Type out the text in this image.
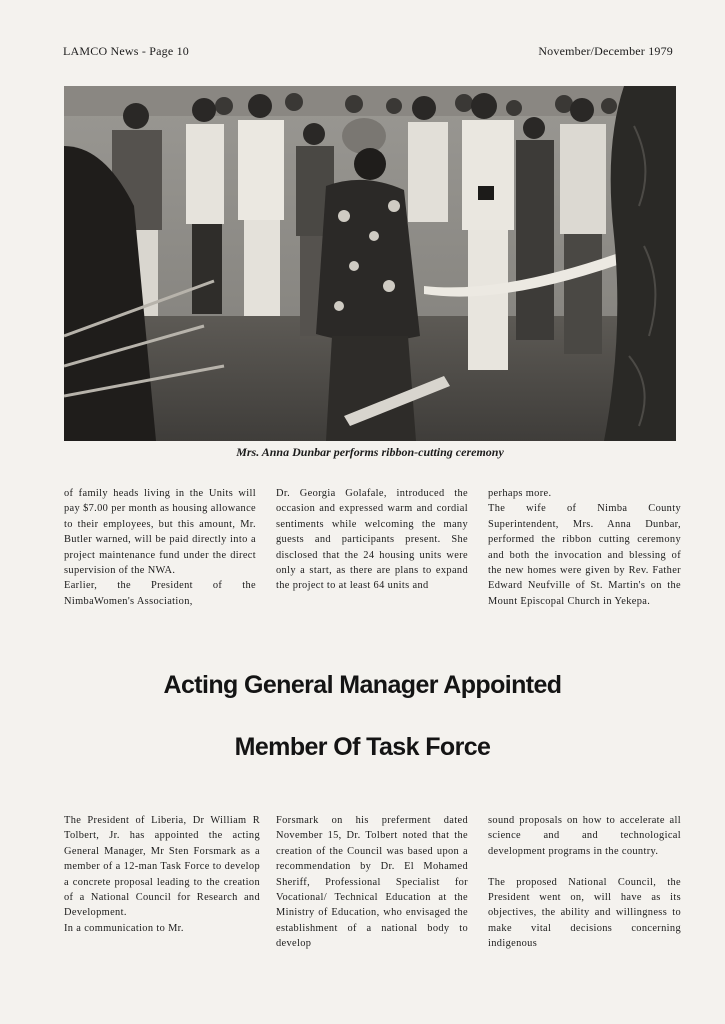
LAMCO News - Page 10	November/December 1979
Mrs. Anna Dunbar performs ribbon-cutting ceremony
of family heads living in the Units will pay $7.00 per month as housing allowance to their employees, but this amount, Mr. Butler warned, will be paid directly into a project maintenance fund under the direct supervision of the NWA.
Earlier, the President of the NimbaWomen's Association,
Dr. Georgia Golafale, introduced the occasion and expressed warm and cordial sentiments while welcoming the many guests and participants present. She disclosed that the 24 housing units were only a start, as there are plans to expand the project to at least 64 units and
perhaps more.
The wife of Nimba County Superintendent, Mrs. Anna Dunbar, performed the ribbon cutting ceremony and both the invocation and blessing of the new homes were given by Rev. Father Edward Neufville of St. Martin's on the Mount Episcopal Church in Yekepa.
Acting General Manager Appointed
Member Of Task Force
The President of Liberia, Dr William R Tolbert, Jr. has appointed the acting General Manager, Mr Sten Forsmark as a member of a 12-man Task Force to develop a concrete proposal leading to the creation of a National Council for Research and Development.
In a communication to Mr.
Forsmark on his preferment dated November 15, Dr. Tolbert noted that the creation of the Council was based upon a recommendation by Dr. El Mohamed Sheriff, Professional Specialist for Vocational/ Technical Education at the Ministry of Education, who envisaged the establishment of a national body to develop
sound proposals on how to accelerate all science and and technological development programs in the country.

The proposed National Council, the President went on, will have as its objectives, the ability and willingness to make vital decisions concerning indigenous
